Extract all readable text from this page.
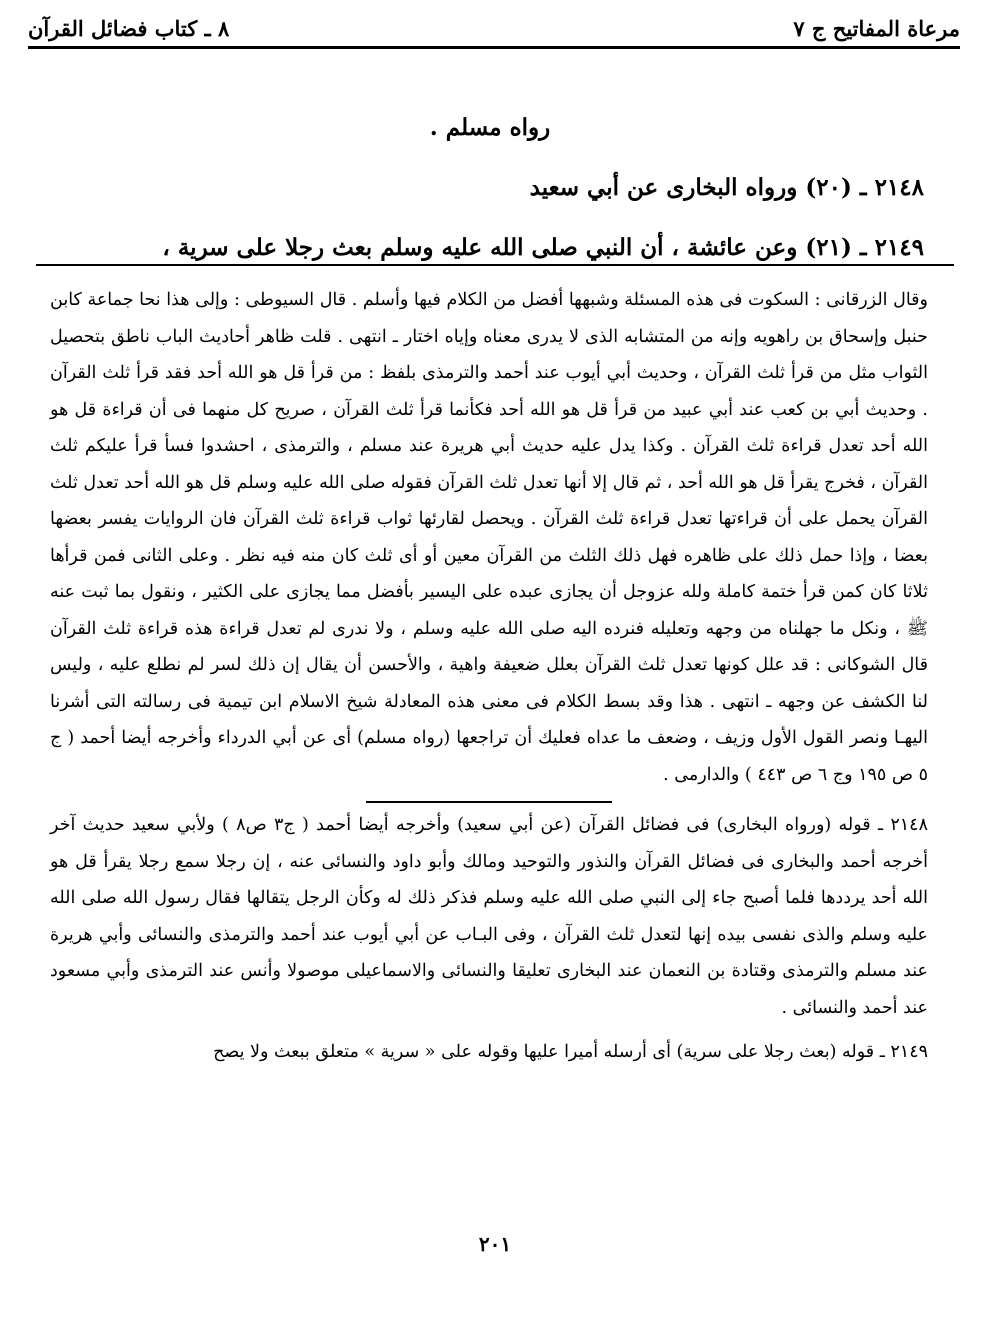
مرعاة المفاتيح ج ٧
٨ ـ كتاب فضائل القرآن
رواه مسلم .
٢١٤٨ ـ (٢٠) ورواه البخارى عن أبي سعيد
٢١٤٩ ـ (٢١) وعن عائشة ، أن النبي صلى الله عليه وسلم بعث رجلا على سرية ،

وقال الزرقانى : السكوت فى هذه المسئلة وشبهها أفضل من الكلام فيها وأسلم . قال السيوطى : وإلى هذا نحا جماعة كابن حنبل وإسحاق بن راهويه وإنه من المتشابه الذى لا يدرى معناه وإياه اختار ـ انتهى . قلت ظاهر أحاديث الباب ناطق بتحصيل الثواب مثل من قرأ ثلث القرآن ، وحديث أبي أيوب عند أحمد والترمذى بلفظ : من قرأ قل هو الله أحد فقد قرأ ثلث القرآن . وحديث أبي بن كعب عند أبي عبيد من قرأ قل هو الله أحد فكأنما قرأ ثلث القرآن ، صريح كل منهما فى أن قراءة قل هو الله أحد تعدل قراءة ثلث القرآن . وكذا يدل عليه حديث أبي هريرة عند مسلم ، والترمذى ، احشدوا فسأ قرأ عليكم ثلث القرآن ، فخرج يقرأ قل هو الله أحد ، ثم قال إلا أنها تعدل ثلث القرآن فقوله صلى الله عليه وسلم قل هو الله أحد تعدل ثلث القرآن يحمل على أن قراءتها تعدل قراءة ثلث القرآن . ويحصل لقارئها ثواب قراءة ثلث القرآن فان الروايات يفسر بعضها بعضا ، وإذا حمل ذلك على ظاهره فهل ذلك الثلث من القرآن معين أو أى ثلث كان منه فيه نظر . وعلى الثانى فمن قرأها ثلاثا كان كمن قرأ ختمة كاملة ولله عزوجل أن يجازى عبده على اليسير بأفضل مما يجازى على الكثير ، ونقول بما ثبت عنه ﷺ ، ونكل ما جهلناه من وجهه وتعليله فنرده اليه صلى الله عليه وسلم ، ولا ندرى لم تعدل قراءة هذه قراءة ثلث القرآن قال الشوكانى : قد علل كونها تعدل ثلث القرآن بعلل ضعيفة واهية ، والأحسن أن يقال إن ذلك لسر لم نطلع عليه ، وليس لنا الكشف عن وجهه ـ انتهى . هذا وقد بسط الكلام فى معنى هذه المعادلة شيخ الاسلام ابن تيمية فى رسالته التى أشرنا اليهـا ونصر القول الأول وزيف ، وضعف ما عداه فعليك أن تراجعها (رواه مسلم) أى عن أبي الدرداء وأخرجه أيضا أحمد ( ج ٥ ص ١٩٥ وج ٦ ص ٤٤٣ ) والدارمى .

٢١٤٨ ـ قوله (ورواه البخارى) فى فضائل القرآن (عن أبي سعيد) وأخرجه أيضا أحمد ( ج٣ ص٨ ) ولأبي سعيد حديث آخر أخرجه أحمد والبخارى فى فضائل القرآن والنذور والتوحيد ومالك وأبو داود والنسائى عنه ، إن رجلا سمع رجلا يقرأ قل هو الله أحد يرددها فلما أصبح جاء إلى النبي صلى الله عليه وسلم فذكر ذلك له وكأن الرجل يتقالها فقال رسول الله صلى الله عليه وسلم والذى نفسى بيده إنها لتعدل ثلث القرآن ، وفى البـاب عن أبي أيوب عند أحمد والترمذى والنسائى وأبي هريرة عند مسلم والترمذى وقتادة بن النعمان عند البخارى تعليقا والنسائى والاسماعيلى موصولا وأنس عند الترمذى وأبي مسعود عند أحمد والنسائى .

٢١٤٩ ـ قوله (بعث رجلا على سرية) أى أرسله أميرا عليها وقوله على « سرية » متعلق ببعث ولا يصح

٢٠١
